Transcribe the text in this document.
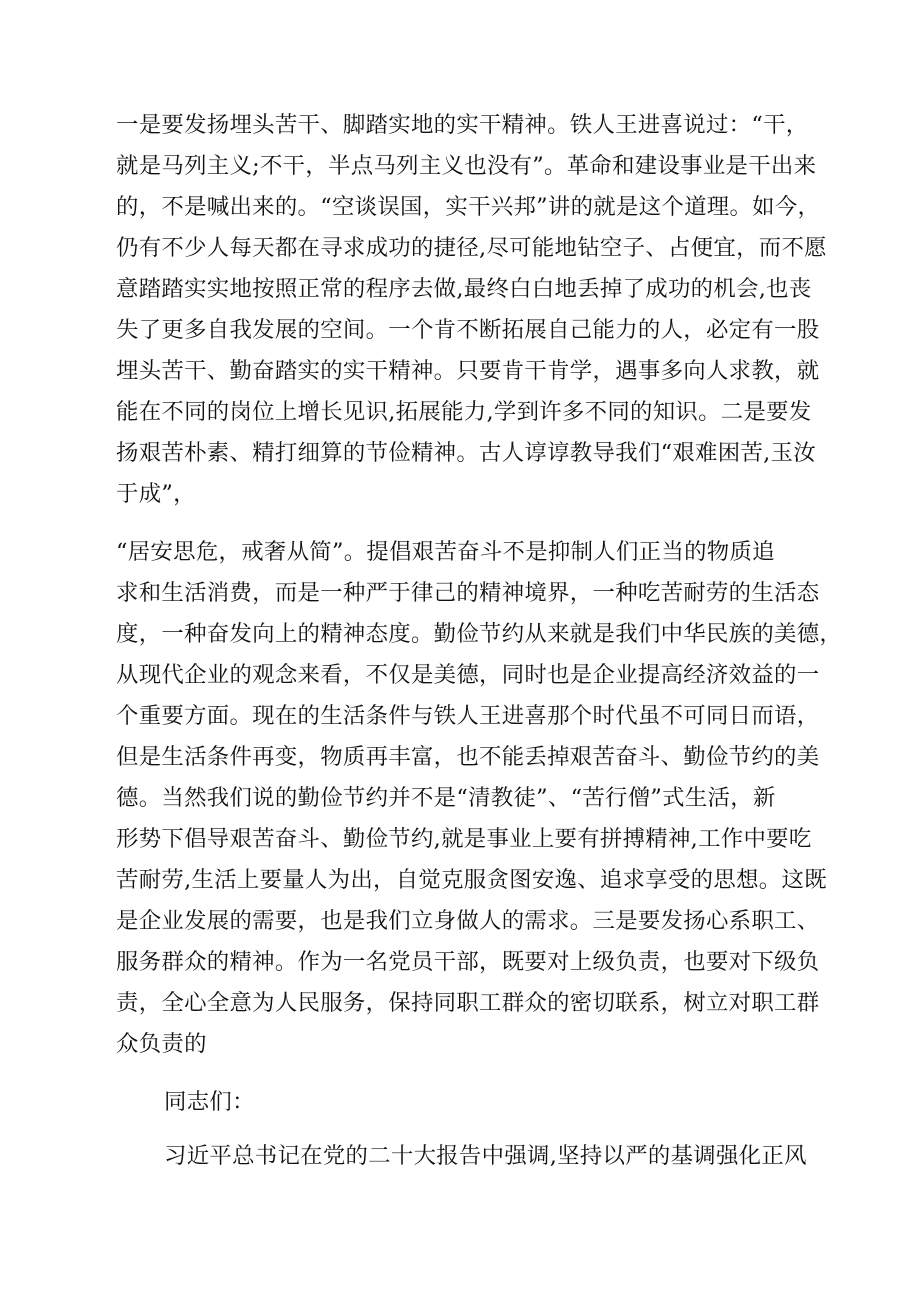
一是要发扬埋头苦干、脚踏实地的实干精神。铁人王进喜说过：“干，
就是马列主义;不干，半点马列主义也没有”。革命和建设事业是干出来
的，不是喊出来的。“空谈误国，实干兴邦”讲的就是这个道理。如今，
仍有不少人每天都在寻求成功的捷径,尽可能地钻空子、占便宜，而不愿
意踏踏实实地按照正常的程序去做,最终白白地丢掉了成功的机会,也丧
失了更多自我发展的空间。一个肯不断拓展自己能力的人，必定有一股
埋头苦干、勤奋踏实的实干精神。只要肯干肯学，遇事多向人求教，就
能在不同的岗位上增长见识,拓展能力,学到许多不同的知识。二是要发
扬艰苦朴素、精打细算的节俭精神。古人谆谆教导我们“艰难困苦,玉汝
于成”，
“居安思危，戒奢从简”。提倡艰苦奋斗不是抑制人们正当的物质追
求和生活消费，而是一种严于律己的精神境界，一种吃苦耐劳的生活态
度，一种奋发向上的精神态度。勤俭节约从来就是我们中华民族的美德，
从现代企业的观念来看，不仅是美德，同时也是企业提高经济效益的一
个重要方面。现在的生活条件与铁人王进喜那个时代虽不可同日而语，
但是生活条件再变，物质再丰富，也不能丢掉艰苦奋斗、勤俭节约的美
德。当然我们说的勤俭节约并不是“清教徒”、“苦行僧”式生活，新
形势下倡导艰苦奋斗、勤俭节约,就是事业上要有拼搏精神,工作中要吃
苦耐劳,生活上要量人为出，自觉克服贪图安逸、追求享受的思想。这既
是企业发展的需要，也是我们立身做人的需求。三是要发扬心系职工、
服务群众的精神。作为一名党员干部，既要对上级负责，也要对下级负
责，全心全意为人民服务，保持同职工群众的密切联系，树立对职工群
众负责的
同志们：
习近平总书记在党的二十大报告中强调,坚持以严的基调强化正风
